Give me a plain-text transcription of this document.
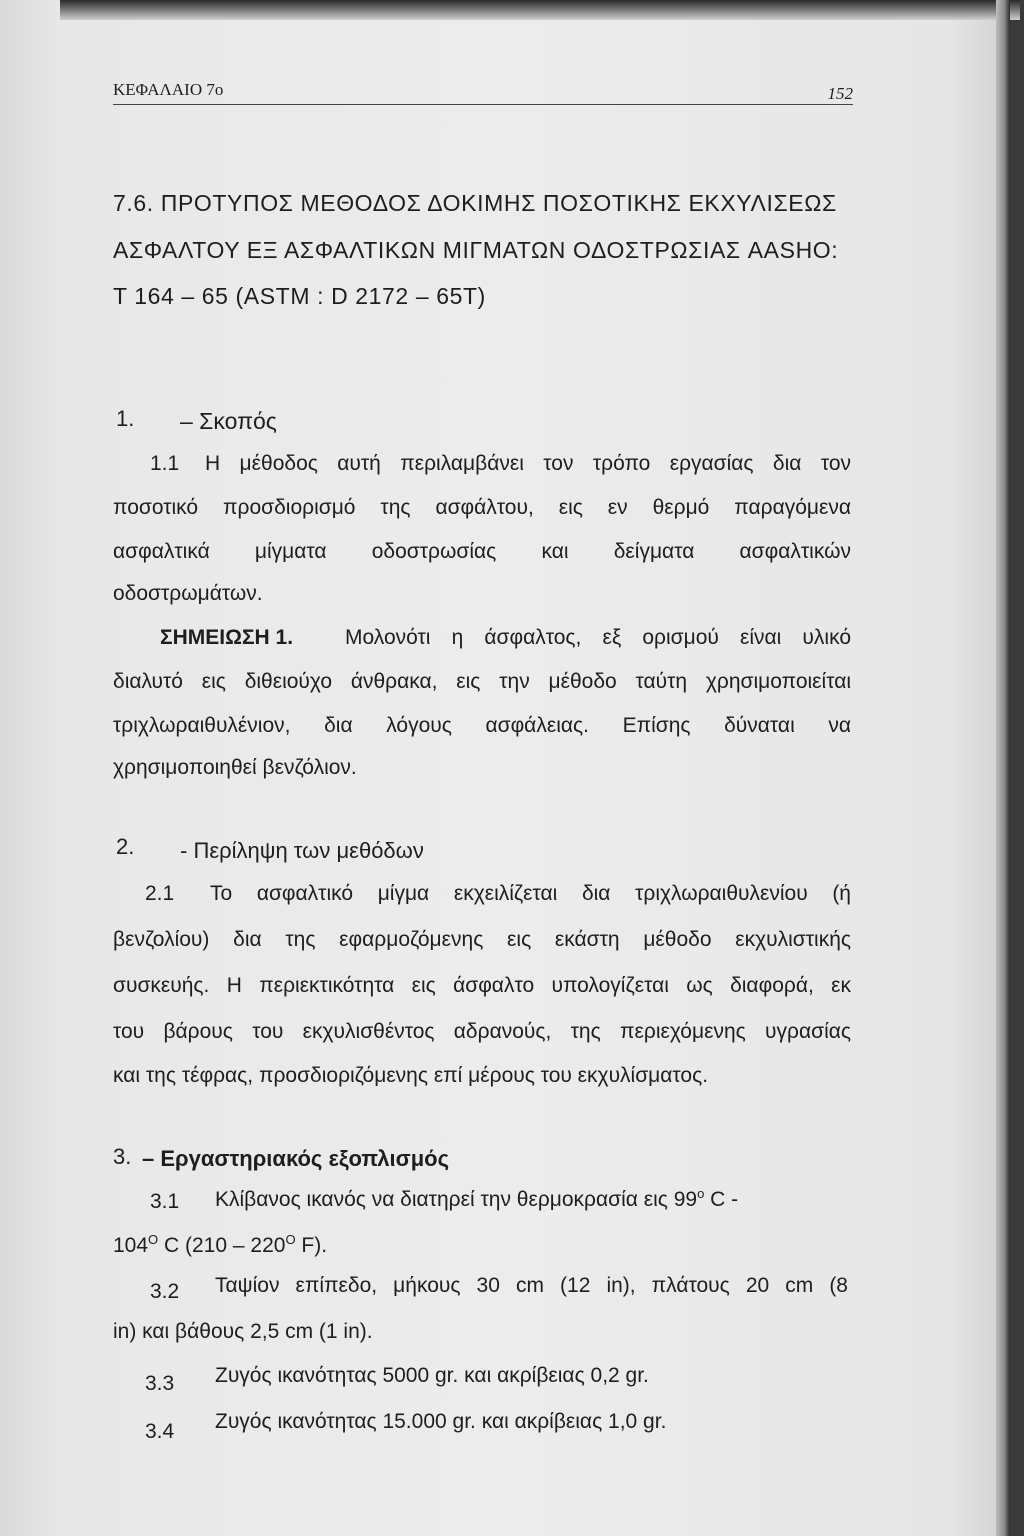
ΚΕΦΑΛΑΙΟ 7ο	152
7.6. ΠΡΟΤΥΠΟΣ ΜΕΘΟΔΟΣ ΔΟΚΙΜΗΣ ΠΟΣΟΤΙΚΗΣ ΕΚΧΥΛΙΣΕΩΣ
ΑΣΦΑΛΤΟΥ ΕΞ ΑΣΦΑΛΤΙΚΩΝ ΜΙΓΜΑΤΩΝ ΟΔΟΣΤΡΩΣΙΑΣ AASHO:
T 164 – 65 (ASTM : D 2172 – 65T)
1. – Σκοπός
1.1 Η μέθοδος αυτή περιλαμβάνει τον τρόπο εργασίας δια τον
ποσοτικό προσδιορισμό της ασφάλτου, εις εν θερμό παραγόμενα
ασφαλτικά μίγματα οδοστρωσίας και δείγματα ασφαλτικών
οδοστρωμάτων.
ΣΗΜΕΙΩΣΗ 1. Μολονότι η άσφαλτος, εξ ορισμού είναι υλικό
διαλυτό εις διθειούχο άνθρακα, εις την μέθοδο ταύτη χρησιμοποιείται
τριχλωραιθυλένιον, δια λόγους ασφάλειας. Επίσης δύναται να
χρησιμοποιηθεί βενζόλιον.
2. - Περίληψη των μεθόδων
2.1 Το ασφαλτικό μίγμα εκχειλίζεται δια τριχλωραιθυλενίου (ή
βενζολίου) δια της εφαρμοζόμενης εις εκάστη μέθοδο εκχυλιστικής
συσκευής. Η περιεκτικότητα εις άσφαλτο υπολογίζεται ως διαφορά, εκ
του βάρους του εκχυλισθέντος αδρανούς, της περιεχόμενης υγρασίας
και της τέφρας, προσδιοριζόμενης επί μέρους του εκχυλίσματος.
3. – Εργαστηριακός εξοπλισμός
3.1 Κλίβανος ικανός να διατηρεί την θερμοκρασία εις $99^o$ C -
$104^O$ C ($210 - 220^O$ F).
3.2 Ταψίον επίπεδο, μήκους 30 cm (12 in), πλάτους 20 cm (8
in) και βάθους 2,5 cm (1 in).
3.3 Ζυγός ικανότητας 5000 gr. και ακρίβειας 0,2 gr.
3.4 Ζυγός ικανότητας 15.000 gr. και ακρίβειας 1,0 gr.
